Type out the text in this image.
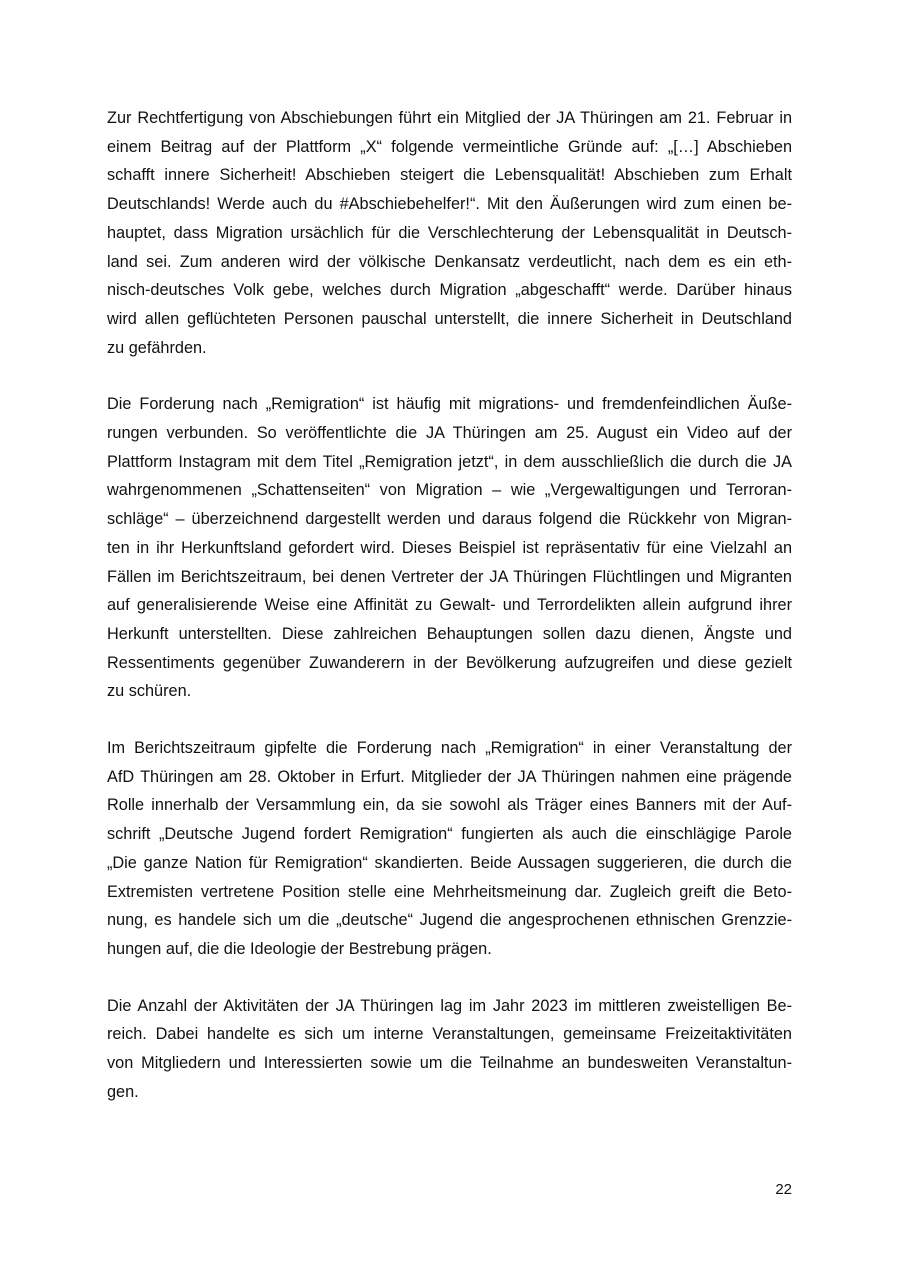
Zur Rechtfertigung von Abschiebungen führt ein Mitglied der JA Thüringen am 21. Februar in
einem Beitrag auf der Plattform „X“ folgende vermeintliche Gründe auf: „[…] Abschieben
schafft innere Sicherheit! Abschieben steigert die Lebensqualität! Abschieben zum Erhalt
Deutschlands! Werde auch du #Abschiebehelfer!“. Mit den Äußerungen wird zum einen be-
hauptet, dass Migration ursächlich für die Verschlechterung der Lebensqualität in Deutsch-
land sei. Zum anderen wird der völkische Denkansatz verdeutlicht, nach dem es ein eth-
nisch-deutsches Volk gebe, welches durch Migration „abgeschafft“ werde. Darüber hinaus
wird allen geflüchteten Personen pauschal unterstellt, die innere Sicherheit in Deutschland
zu gefährden.

Die Forderung nach „Remigration“ ist häufig mit migrations- und fremdenfeindlichen Äuße-
rungen verbunden. So veröffentlichte die JA Thüringen am 25. August ein Video auf der
Plattform Instagram mit dem Titel „Remigration jetzt“, in dem ausschließlich die durch die JA
wahrgenommenen „Schattenseiten“ von Migration – wie „Vergewaltigungen und Terroran-
schläge“ – überzeichnend dargestellt werden und daraus folgend die Rückkehr von Migran-
ten in ihr Herkunftsland gefordert wird. Dieses Beispiel ist repräsentativ für eine Vielzahl an
Fällen im Berichtszeitraum, bei denen Vertreter der JA Thüringen Flüchtlingen und Migranten
auf generalisierende Weise eine Affinität zu Gewalt- und Terrordelikten allein aufgrund ihrer
Herkunft unterstellten. Diese zahlreichen Behauptungen sollen dazu dienen, Ängste und
Ressentiments gegenüber Zuwanderern in der Bevölkerung aufzugreifen und diese gezielt
zu schüren.

Im Berichtszeitraum gipfelte die Forderung nach „Remigration“ in einer Veranstaltung der
AfD Thüringen am 28. Oktober in Erfurt. Mitglieder der JA Thüringen nahmen eine prägende
Rolle innerhalb der Versammlung ein, da sie sowohl als Träger eines Banners mit der Auf-
schrift „Deutsche Jugend fordert Remigration“ fungierten als auch die einschlägige Parole
„Die ganze Nation für Remigration“ skandierten. Beide Aussagen suggerieren, die durch die
Extremisten vertretene Position stelle eine Mehrheitsmeinung dar. Zugleich greift die Beto-
nung, es handele sich um die „deutsche“ Jugend die angesprochenen ethnischen Grenzzie-
hungen auf, die die Ideologie der Bestrebung prägen.

Die Anzahl der Aktivitäten der JA Thüringen lag im Jahr 2023 im mittleren zweistelligen Be-
reich. Dabei handelte es sich um interne Veranstaltungen, gemeinsame Freizeitaktivitäten
von Mitgliedern und Interessierten sowie um die Teilnahme an bundesweiten Veranstaltun-
gen.

22
